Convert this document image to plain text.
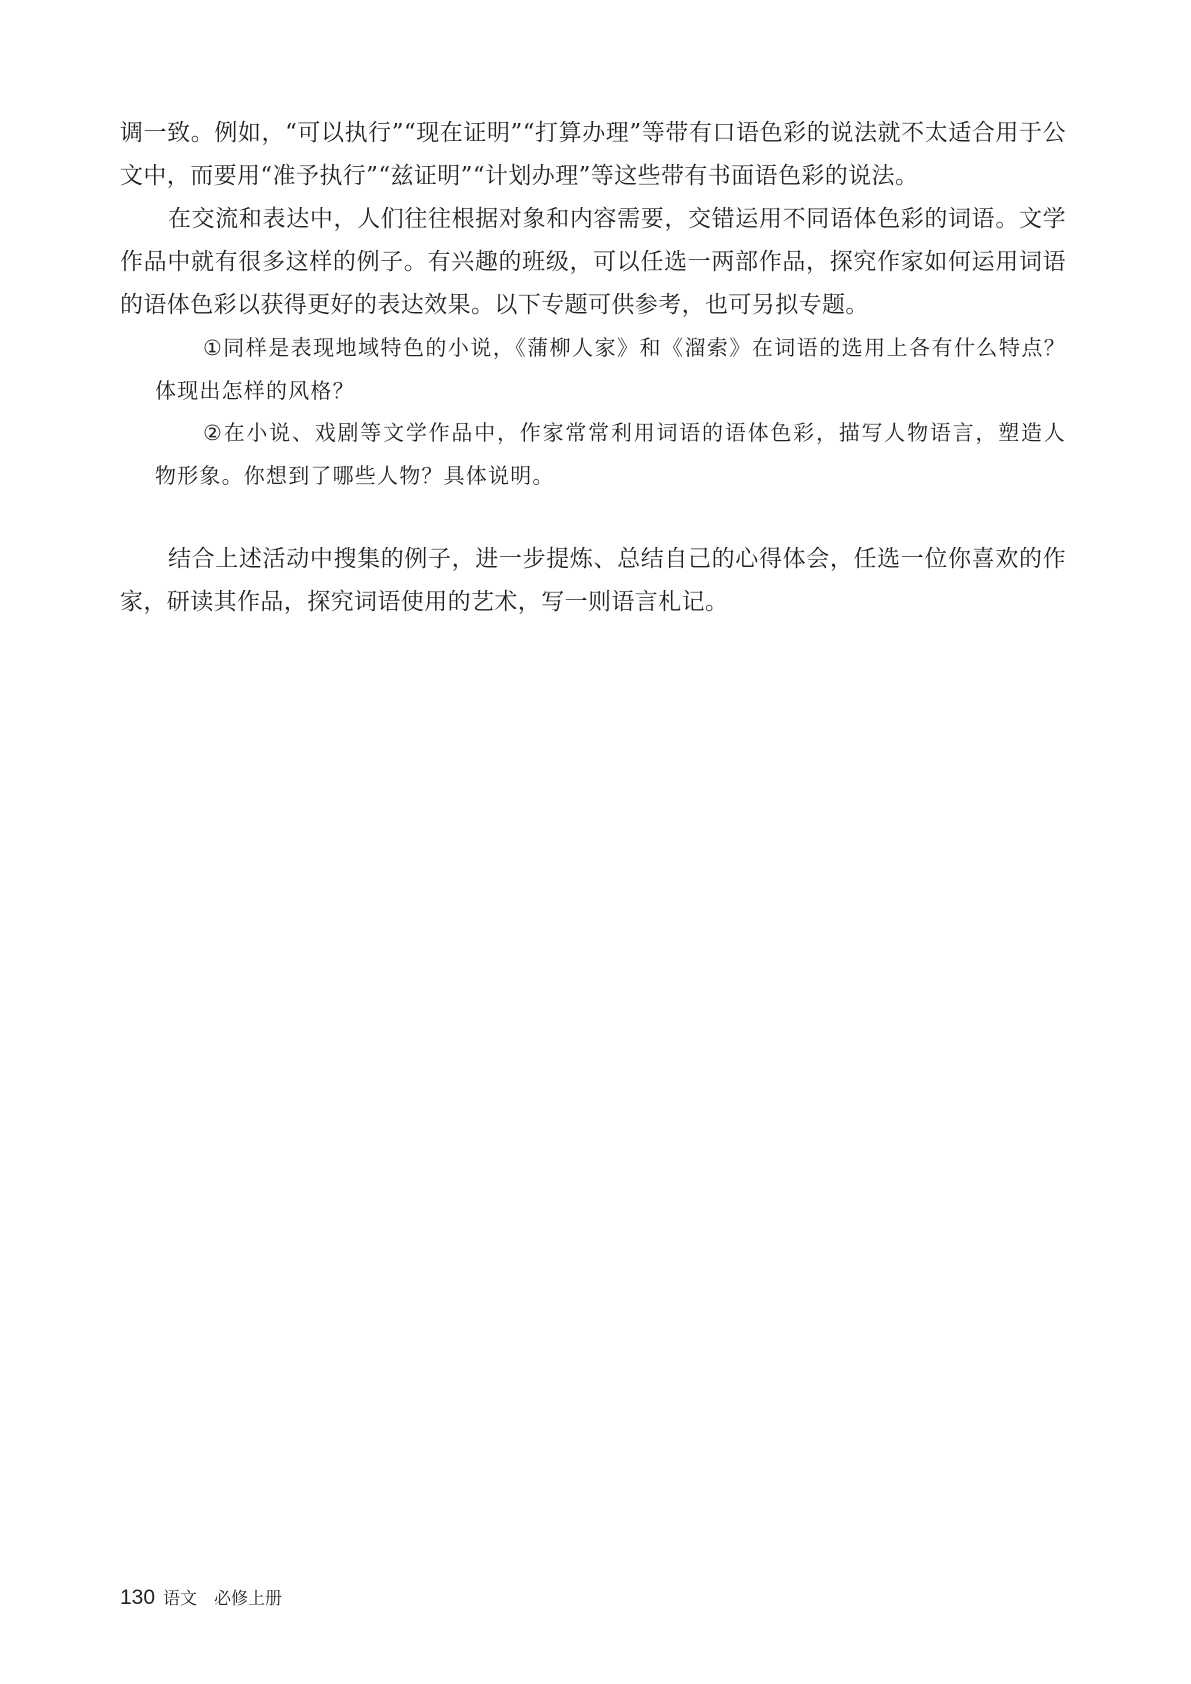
调一致。例如，“可以执行”“现在证明”“打算办理”等带有口语色彩的说法就不太适合用于公文中，而要用“准予执行”“兹证明”“计划办理”等这些带有书面语色彩的说法。

在交流和表达中，人们往往根据对象和内容需要，交错运用不同语体色彩的词语。文学作品中就有很多这样的例子。有兴趣的班级，可以任选一两部作品，探究作家如何运用词语的语体色彩以获得更好的表达效果。以下专题可供参考，也可另拟专题。

①同样是表现地域特色的小说，《蒲柳人家》和《溜索》在词语的选用上各有什么特点？体现出怎样的风格？

②在小说、戏剧等文学作品中，作家常常利用词语的语体色彩，描写人物语言，塑造人物形象。你想到了哪些人物？具体说明。

结合上述活动中搜集的例子，进一步提炼、总结自己的心得体会，任选一位你喜欢的作家，研读其作品，探究词语使用的艺术，写一则语言札记。

130 语文　必修上册
